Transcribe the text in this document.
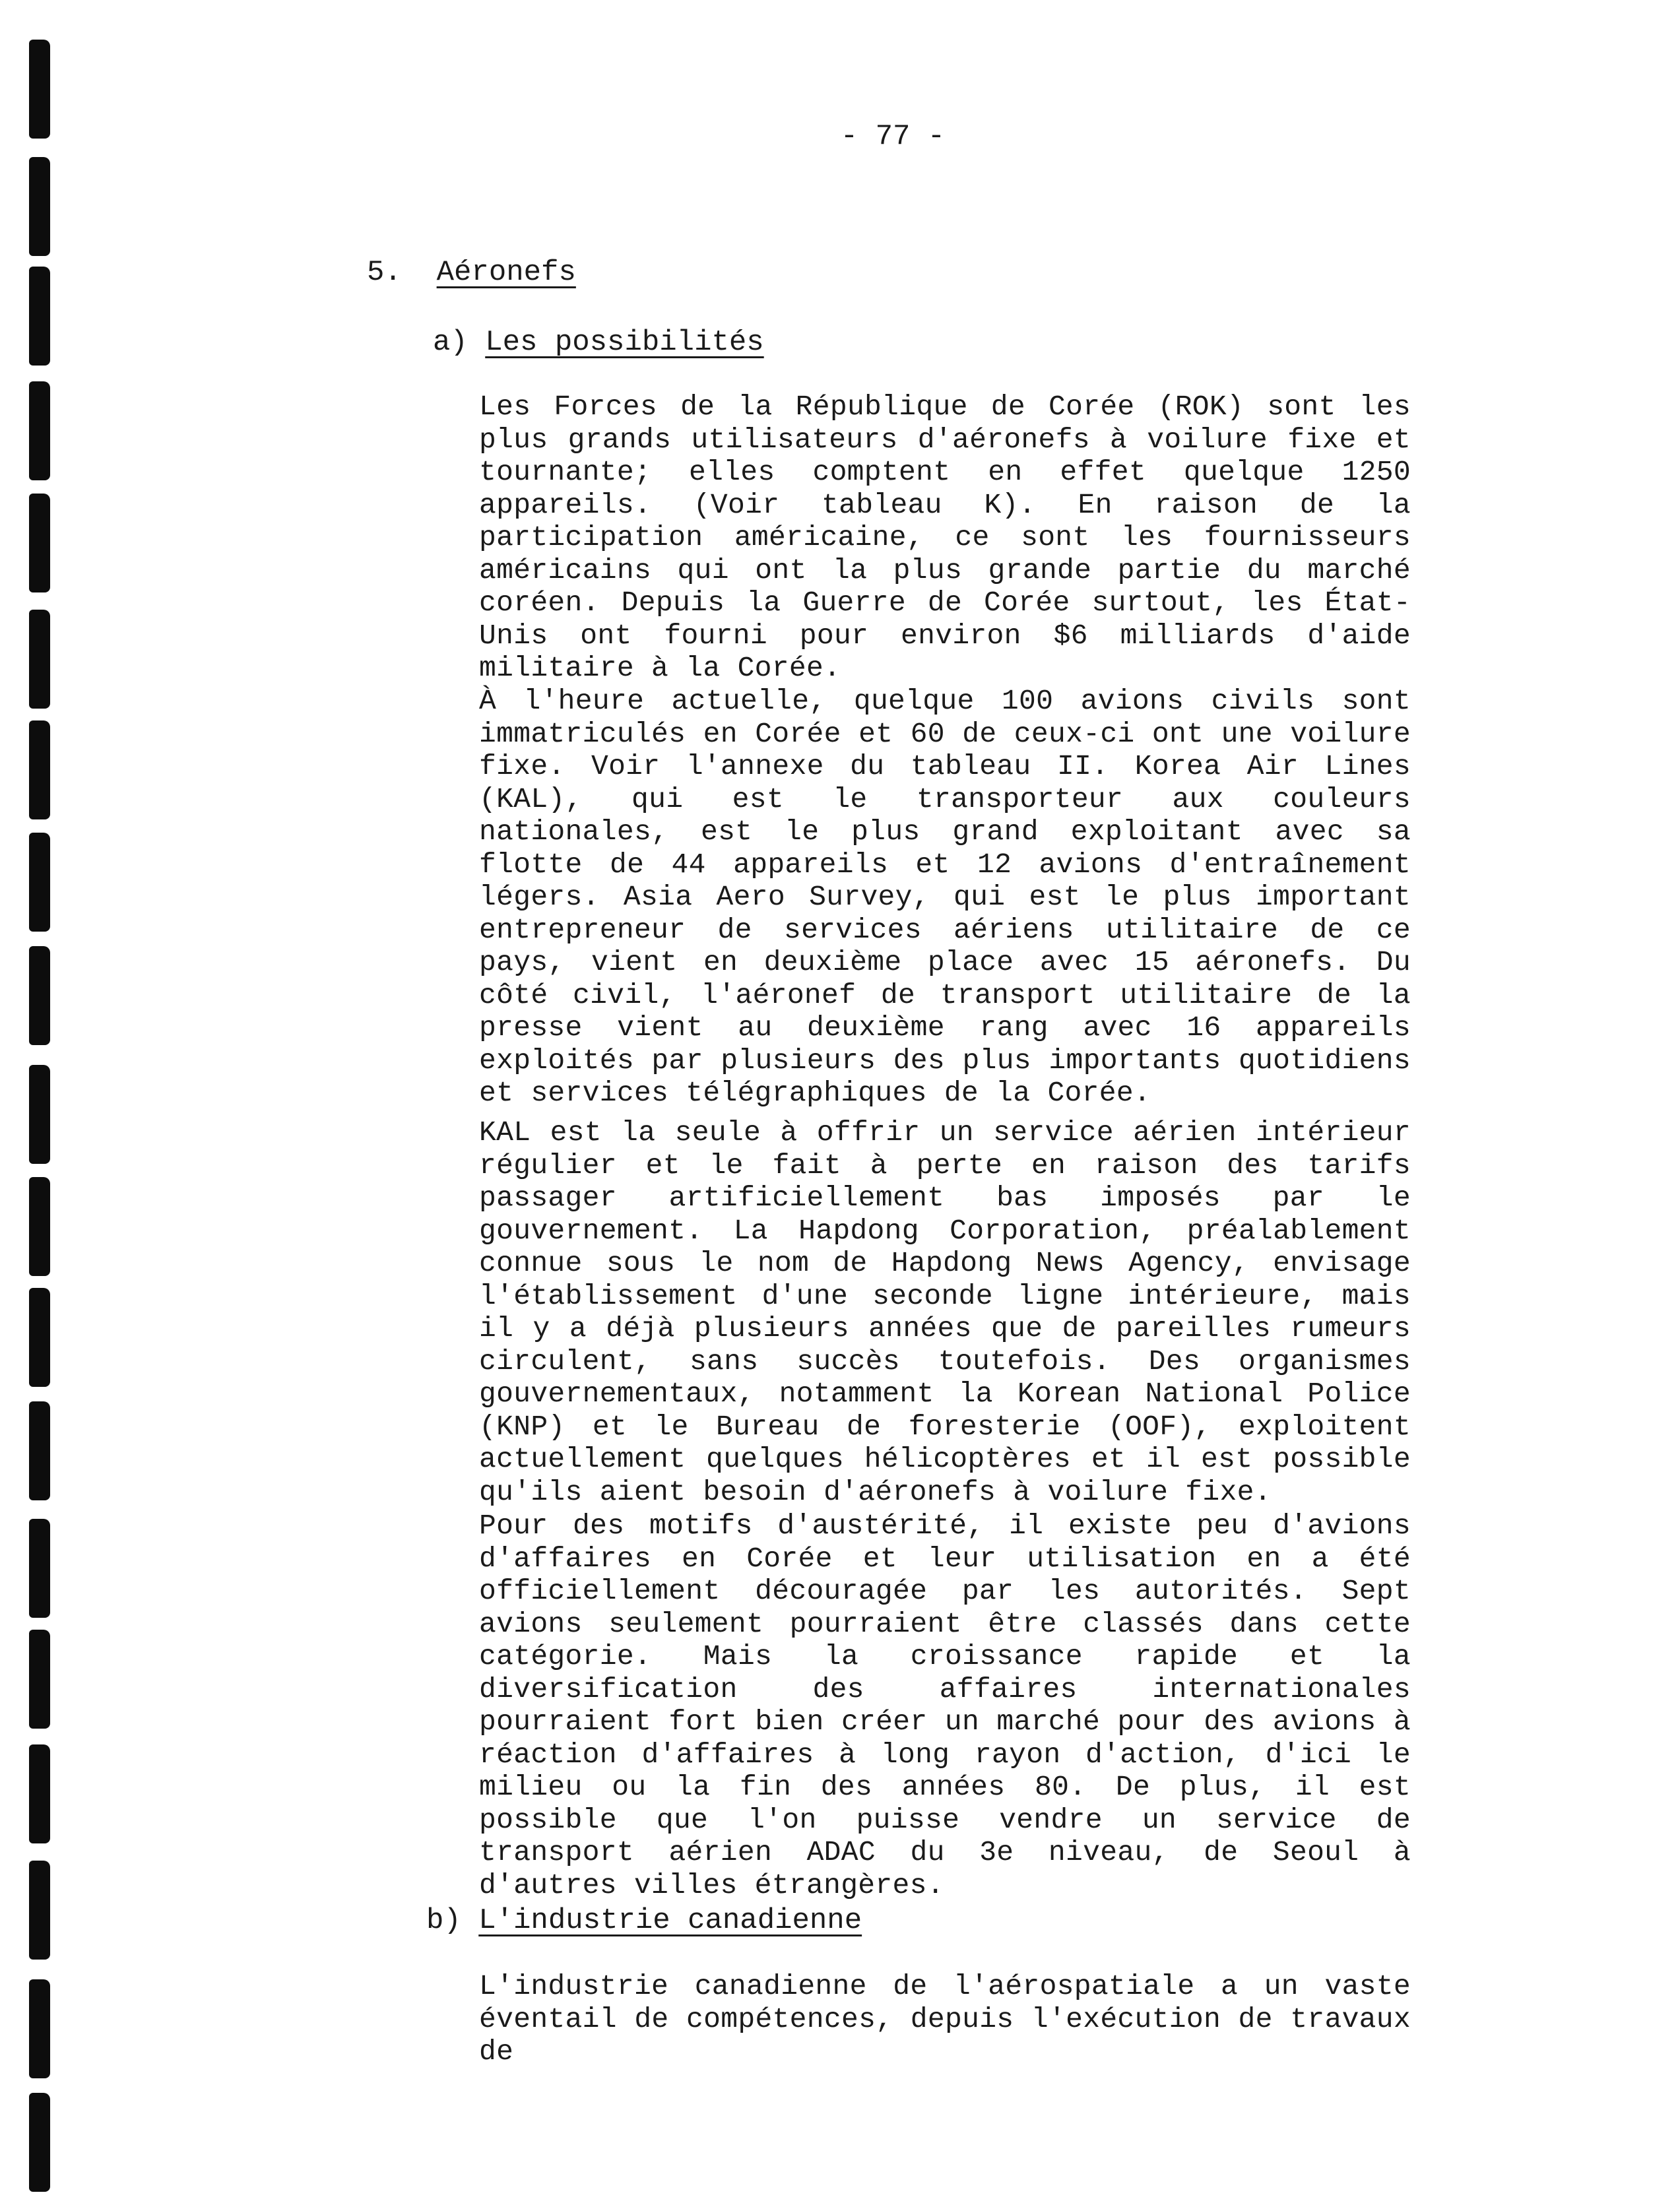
- 77 -
5. Aéronefs
a) Les possibilités

Les Forces de la République de Corée (ROK) sont les plus grands utilisateurs d'aéronefs à voilure fixe et tournante; elles comptent en effet quelque 1250 appareils. (Voir tableau K). En raison de la participation américaine, ce sont les fournisseurs américains qui ont la plus grande partie du marché coréen. Depuis la Guerre de Corée surtout, les État-Unis ont fourni pour environ $6 milliards d'aide militaire à la Corée.

À l'heure actuelle, quelque 100 avions civils sont immatriculés en Corée et 60 de ceux-ci ont une voilure fixe. Voir l'annexe du tableau II. Korea Air Lines (KAL), qui est le transporteur aux couleurs nationales, est le plus grand exploitant avec sa flotte de 44 appareils et 12 avions d'entraînement légers. Asia Aero Survey, qui est le plus important entrepreneur de services aériens utilitaire de ce pays, vient en deuxième place avec 15 aéronefs. Du côté civil, l'aéronef de transport utilitaire de la presse vient au deuxième rang avec 16 appareils exploités par plusieurs des plus importants quotidiens et services télégraphiques de la Corée.

KAL est la seule à offrir un service aérien intérieur régulier et le fait à perte en raison des tarifs passager artificiellement bas imposés par le gouvernement. La Hapdong Corporation, préalablement connue sous le nom de Hapdong News Agency, envisage l'établissement d'une seconde ligne intérieure, mais il y a déjà plusieurs années que de pareilles rumeurs circulent, sans succès toutefois. Des organismes gouvernementaux, notamment la Korean National Police (KNP) et le Bureau de foresterie (OOF), exploitent actuellement quelques hélicoptères et il est possible qu'ils aient besoin d'aéronefs à voilure fixe.

Pour des motifs d'austérité, il existe peu d'avions d'affaires en Corée et leur utilisation en a été officiellement découragée par les autorités. Sept avions seulement pourraient être classés dans cette catégorie. Mais la croissance rapide et la diversification des affaires internationales pourraient fort bien créer un marché pour des avions à réaction d'affaires à long rayon d'action, d'ici le milieu ou la fin des années 80. De plus, il est possible que l'on puisse vendre un service de transport aérien ADAC du 3e niveau, de Seoul à d'autres villes étrangères.

b) L'industrie canadienne

L'industrie canadienne de l'aérospatiale a un vaste éventail de compétences, depuis l'exécution de travaux de
